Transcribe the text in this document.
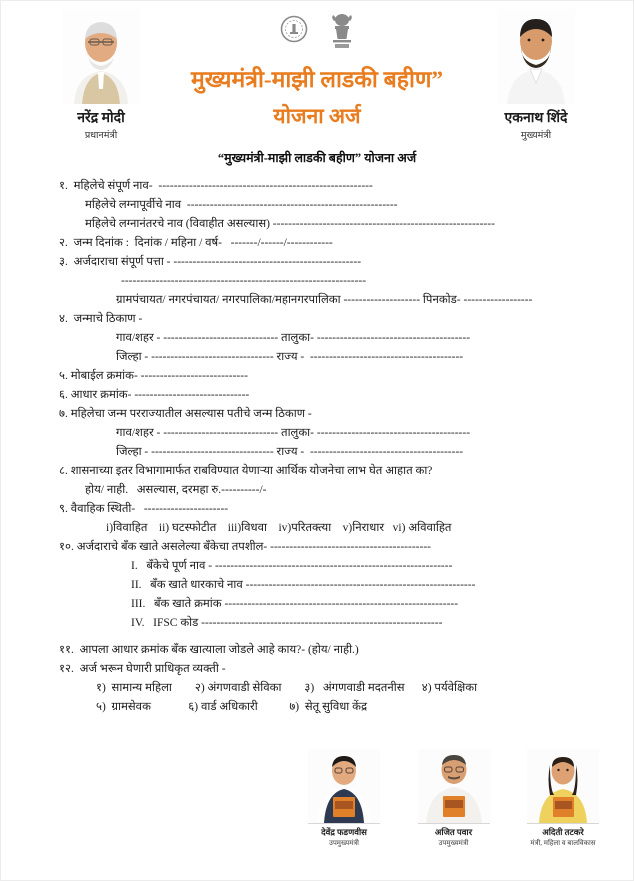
नरेंद्र मोदी
प्रधानमंत्री

मुख्यमंत्री-माझी लाडकी बहीण”
योजना अर्ज	एकनाथ शिंदे
मुख्यमंत्री
“मुख्यमंत्री-माझी लाडकी बहीण” योजना अर्ज
१.  महिलेचे संपूर्ण नाव-  --------------------------------------------------------
महिलेचे लग्नापूर्वीचे नाव  -------------------------------------------------------
महिलेचे लग्नानंतरचे नाव (विवाहीत असल्यास) ----------------------------------------------------------
२.  जन्म दिनांक :  दिनांक / महिना / वर्ष-   -------/------/------------
३.  अर्जदाराचा संपूर्ण पत्ता - -------------------------------------------------
----------------------------------------------------------------
ग्रामपंचायत/ नगरपंचायत/ नगरपालिका/महानगरपालिका -------------------- पिनकोड- ------------------
४.  जन्माचे ठिकाण -
गाव/शहर - ------------------------------ तालुका- ----------------------------------------
जिल्हा - -------------------------------- राज्य -  ----------------------------------------
५. मोबाईल क्रमांक- ----------------------------
६. आधार क्रमांक- ------------------------------
७. महिलेचा जन्म परराज्यातील असल्यास पतीचे जन्म ठिकाण -
गाव/शहर - ------------------------------ तालुका- ----------------------------------------
जिल्हा - -------------------------------- राज्य -  ----------------------------------------
८. शासनाच्या इतर विभागामार्फत राबविण्यात येणाऱ्या आर्थिक योजनेचा लाभ घेत आहात का?
होय/ नाही.   असल्यास, दरमहा रु.----------/-
९. वैवाहिक स्थिती-   ----------------------
i)विवाहित    ii) घटस्फोटीत    iii)विधवा    iv)परितक्त्या    v)निराधार   vi) अविवाहित
१०. अर्जदाराचे बँक खाते असलेल्या बँकेचा तपशील- ------------------------------------------
I.   बँकेचे पूर्ण नाव - --------------------------------------------------------------
II.   बँक खाते धारकाचे नाव ------------------------------------------------------------
III.   बँक खाते क्रमांक -------------------------------------------------------------
IV.   IFSC कोड ---------------------------------------------------------------
११.  आपला आधार क्रमांक बँक खात्याला जोडले आहे काय?- (होय/ नाही.)
१२.  अर्ज भरून घेणारी प्राधिकृत व्यक्ती -
१)  सामान्य महिला        २) अंगणवाडी सेविका        ३)   अंगणवाडी मदतनीस      ४) पर्यवेक्षिका
५)  ग्रामसेवक             ६) वार्ड अधिकारी           ७)  सेतू सुविधा केंद्र
देवेंद्र फडणवीस
उपमुख्यमंत्री
अजित पवार
उपमुख्यमंत्री
अदिती तटकरे
मंत्री, महिला व बालविकास
